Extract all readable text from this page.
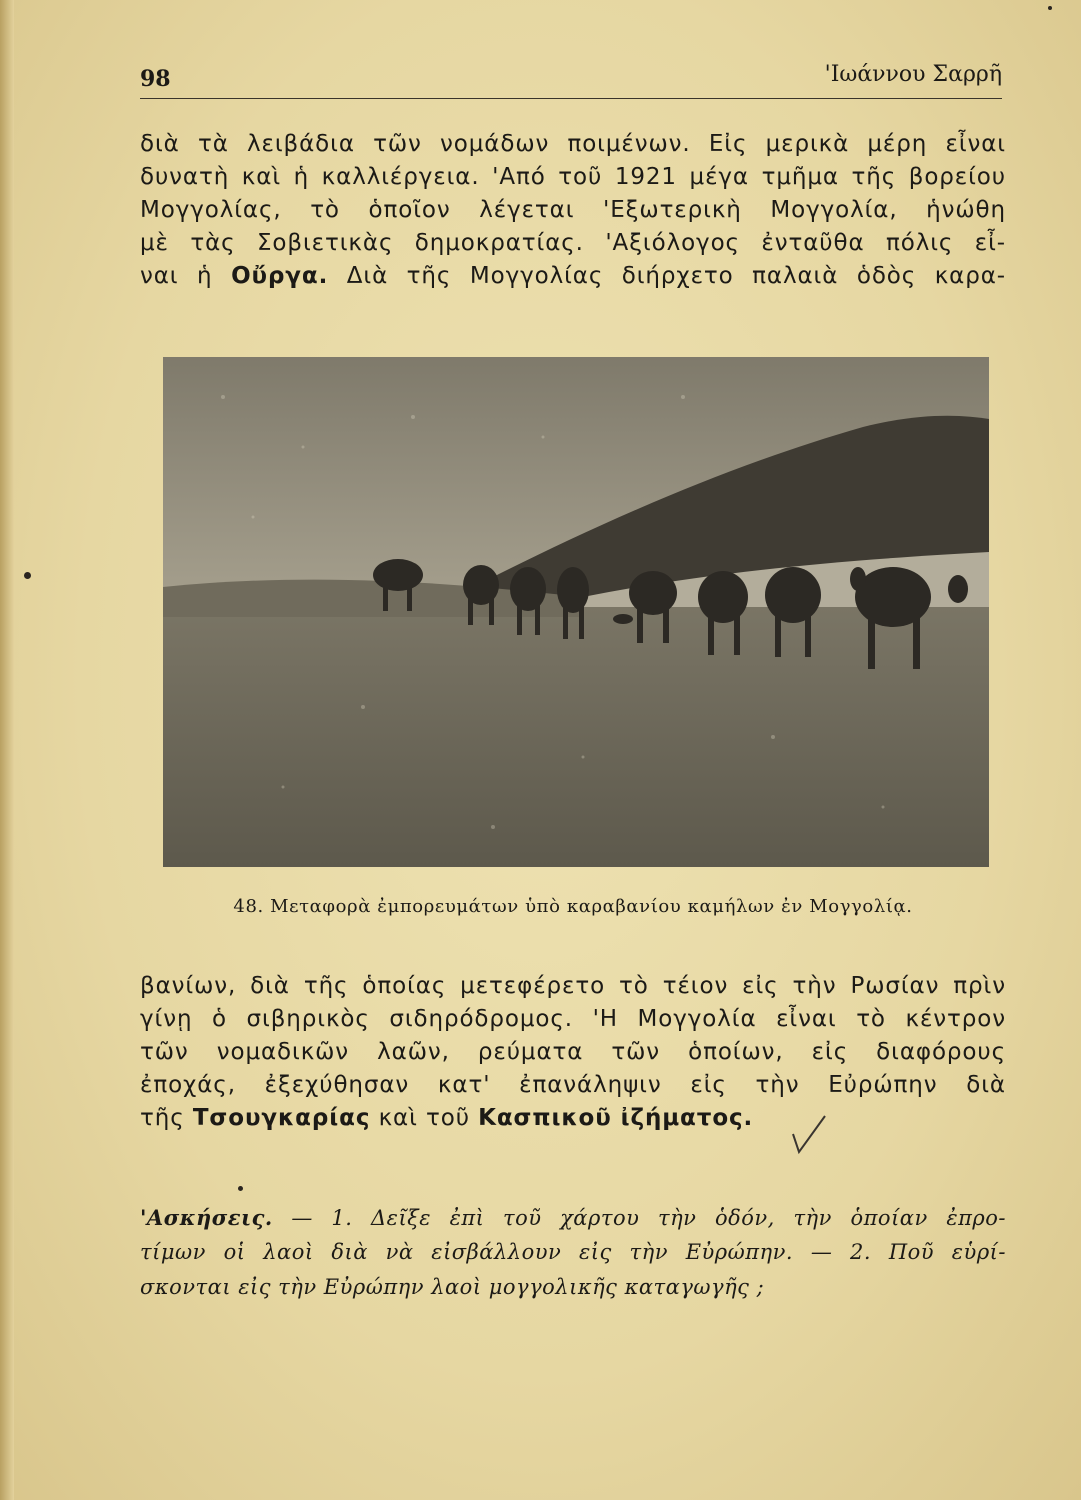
98	'Ιωάννου Σαρρῆ
διὰ τὰ λειβάδια τῶν νομάδων ποιμένων. Εἰς μερικὰ μέρη εἶναι
δυνατὴ καὶ ἡ καλλιέργεια. 'Από τοῦ 1921 μέγα τμῆμα τῆς βορείου
Μογγολίας, τὸ ὁποῖον λέγεται 'Εξωτερικὴ Μογγολία, ἡνώθη
μὲ τὰς Σοβιετικὰς δημοκρατίας. 'Αξιόλογος ἐνταῦθα πόλις εἶ-
ναι ἡ Οὔργα. Διὰ τῆς Μογγολίας διήρχετο παλαιὰ ὁδὸς καρα-
48. Μεταφορὰ ἐμπορευμάτων ὑπὸ καραβανίου καμήλων ἐν Μογγολίᾳ.
βανίων, διὰ τῆς ὁποίας μετεφέρετο τὸ τέιον εἰς τὴν Ρωσίαν πρὶν
γίνῃ ὁ σιβηρικὸς σιδηρόδρομος. 'Η Μογγολία εἶναι τὸ κέντρον
τῶν νομαδικῶν λαῶν, ρεύματα τῶν ὁποίων, εἰς διαφόρους
ἐποχάς, ἐξεχύθησαν κατ' ἐπανάληψιν εἰς τὴν Εὐρώπην διὰ
τῆς Τσουγκαρίας καὶ τοῦ Κασπικοῦ ἰζήματος.
'Ασκήσεις. — 1. Δεῖξε ἐπὶ τοῦ χάρτου τὴν ὁδόν, τὴν ὁποίαν ἐπρο-
τίμων οἱ λαοὶ διὰ νὰ εἰσβάλλουν εἰς τὴν Εὐρώπην. — 2. Ποῦ εὑρί-
σκονται εἰς τὴν Εὐρώπην λαοὶ μογγολικῆς καταγωγῆς ;
